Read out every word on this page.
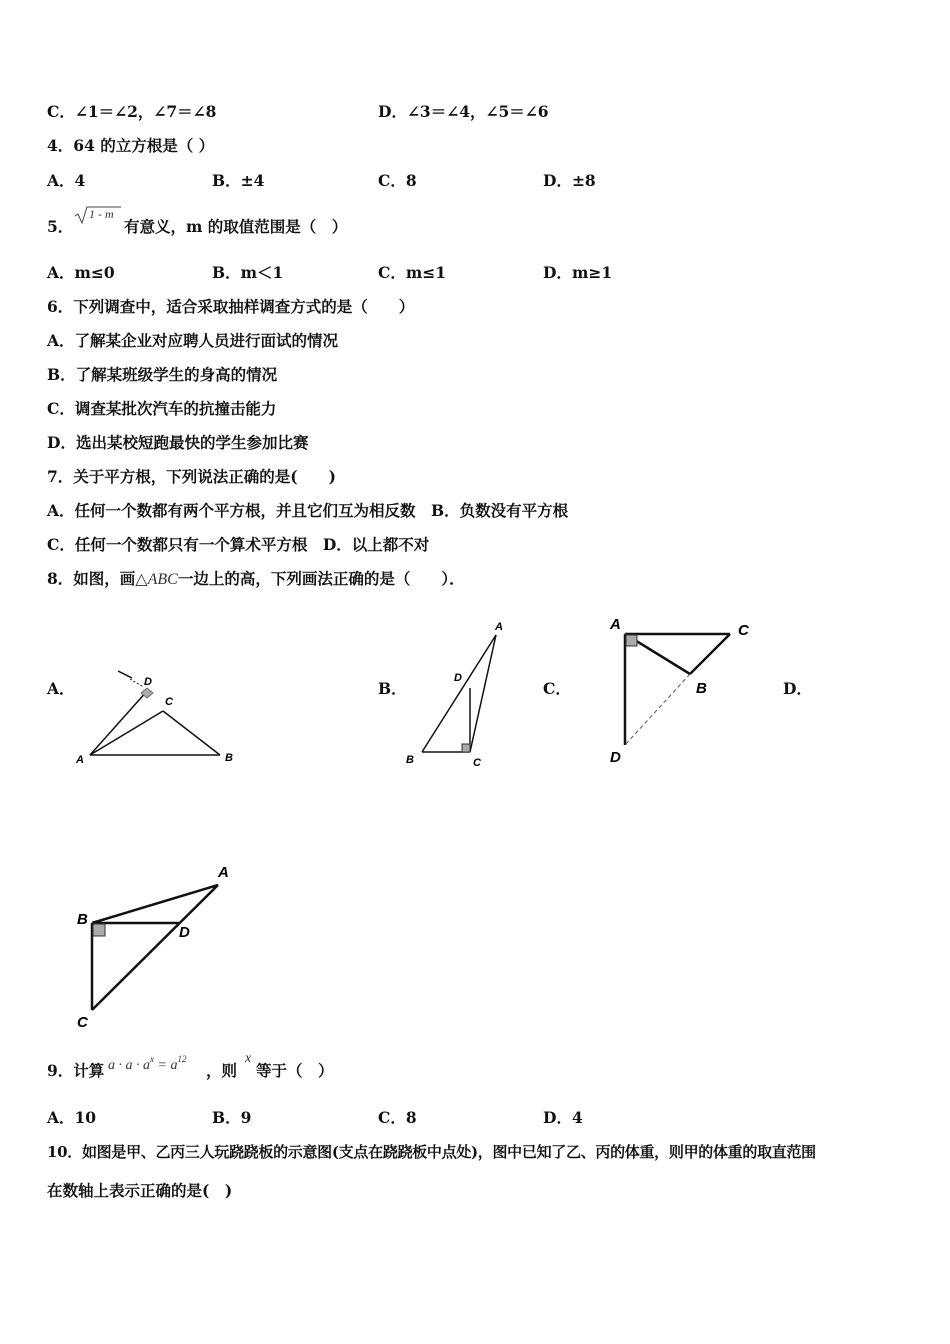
C．∠1＝∠2，∠7＝∠8	D．∠3＝∠4，∠5＝∠6
4．64 的立方根是（ ）
A．4	B．±4	C．8	D．±8
5．
1 - m
有意义，m 的取值范围是（　）
A．m≤0	B．m＜1	C．m≤1	D．m≥1
6．下列调查中，适合采取抽样调查方式的是（　　）
A．了解某企业对应聘人员进行面试的情况
B．了解某班级学生的身高的情况
C．调查某批次汽车的抗撞击能力
D．选出某校短跑最快的学生参加比赛
7．关于平方根，下列说法正确的是(　　)
A．任何一个数都有两个平方根，并且它们互为相反数　B．负数没有平方根
C．任何一个数都只有一个算术平方根　D．以上都不对
8．如图，画△ABC一边上的高，下列画法正确的是（　　）．
A．	B．	C．	D．
D
C
A	B
A
D
B	C
A	C
B
D
A
B
D
C
9．计算 $a \cdot a \cdot a^x = a^{12}$
，则
x
等于（　）
A．10	B．9	C．8	D．4
10．如图是甲、乙丙三人玩跷跷板的示意图(支点在跷跷板中点处)，图中已知了乙、丙的体重，则甲的体重的取直范围
在数轴上表示正确的是(　)
